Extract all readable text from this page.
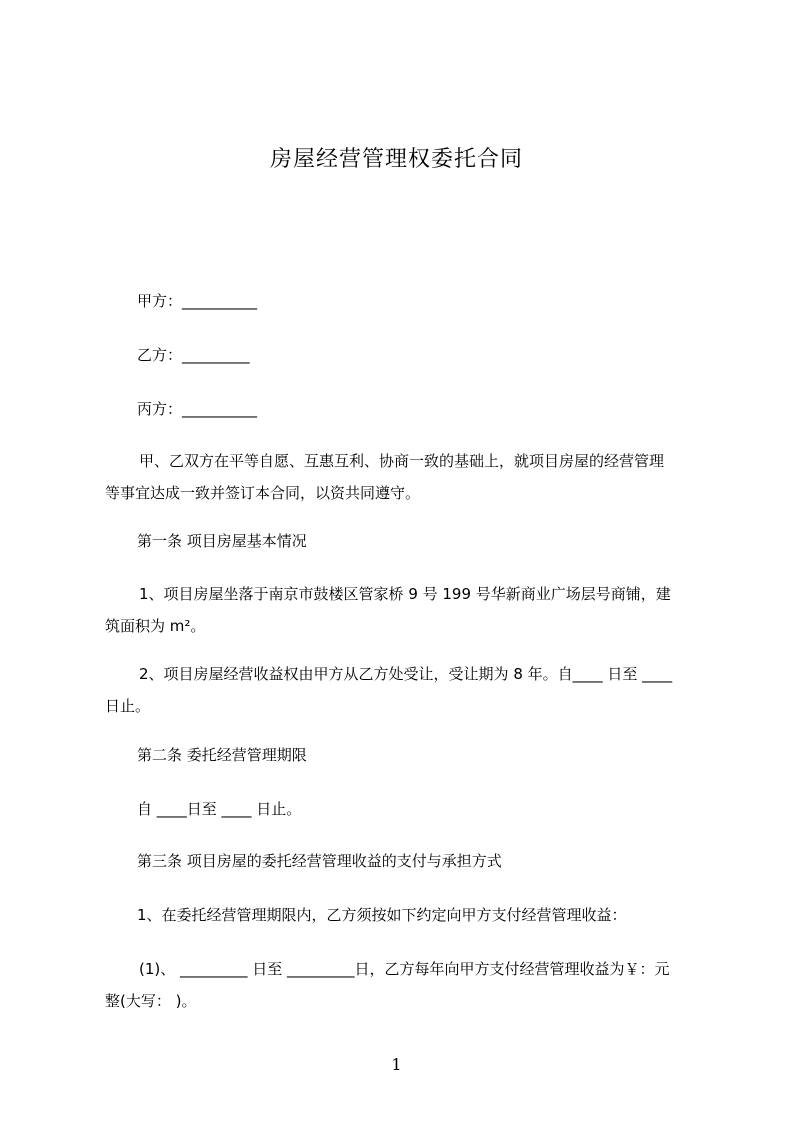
房屋经营管理权委托合同
甲方：__________
乙方：_________
丙方：__________
甲、乙双方在平等自愿、互惠互利、协商一致的基础上，就项目房屋的经营管理等事宜达成一致并签订本合同，以资共同遵守。
第一条 项目房屋基本情况
1、项目房屋坐落于南京市鼓楼区管家桥 9 号 199 号华新商业广场层号商铺，建筑面积为 m²。
2、项目房屋经营收益权由甲方从乙方处受让，受让期为 8 年。自____ 日至 ____ 日止。
第二条 委托经营管理期限
自 ____日至 ____ 日止。
第三条 项目房屋的委托经营管理收益的支付与承担方式
1、在委托经营管理期限内，乙方须按如下约定向甲方支付经营管理收益：
(1)、 _________ 日至 _________日，乙方每年向甲方支付经营管理收益为￥：元整(大写： )。
1
